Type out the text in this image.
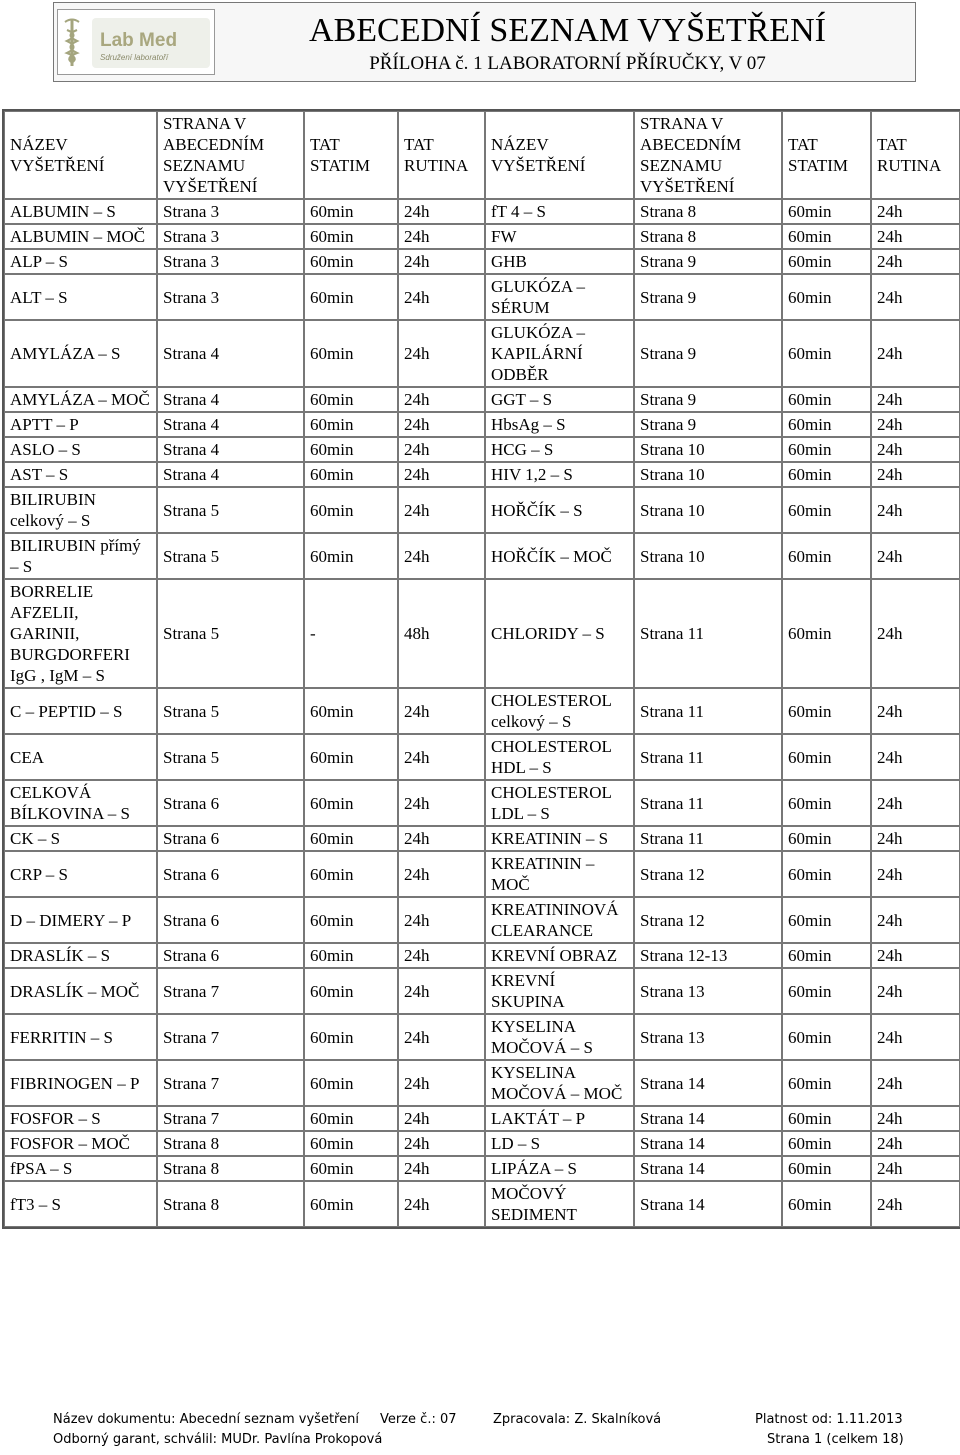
Lab Med
Sdružení laboratoří
ABECEDNÍ SEZNAM VYŠETŘENÍ
PŘÍLOHA č. 1 LABORATORNÍ PŘÍRUČKY, V 07
NÁZEV VYŠETŘENÍ	STRANA V ABECEDNÍM SEZNAMU VYŠETŘENÍ	TAT STATIM	TAT RUTINA	NÁZEV VYŠETŘENÍ	STRANA V ABECEDNÍM SEZNAMU VYŠETŘENÍ	TAT STATIM	TAT RUTINA
ALBUMIN – S	Strana 3	60min	24h	fT 4 – S	Strana 8	60min	24h
ALBUMIN – MOČ	Strana 3	60min	24h	FW	Strana 8	60min	24h
ALP – S	Strana 3	60min	24h	GHB	Strana 9	60min	24h
ALT – S	Strana 3	60min	24h	GLUKÓZA – SÉRUM	Strana 9	60min	24h
AMYLÁZA – S	Strana 4	60min	24h	GLUKÓZA – KAPILÁRNÍ ODBĚR	Strana 9	60min	24h
AMYLÁZA – MOČ	Strana 4	60min	24h	GGT – S	Strana 9	60min	24h
APTT – P	Strana 4	60min	24h	HbsAg – S	Strana 9	60min	24h
ASLO – S	Strana 4	60min	24h	HCG – S	Strana 10	60min	24h
AST – S	Strana 4	60min	24h	HIV 1,2 – S	Strana 10	60min	24h
BILIRUBIN celkový – S	Strana 5	60min	24h	HOŘČÍK – S	Strana 10	60min	24h
BILIRUBIN přímý – S	Strana 5	60min	24h	HOŘČÍK – MOČ	Strana 10	60min	24h
BORRELIE AFZELII, GARINII, BURGDORFERI IgG , IgM – S	Strana 5	-	48h	CHLORIDY – S	Strana 11	60min	24h
C – PEPTID – S	Strana 5	60min	24h	CHOLESTEROL celkový – S	Strana 11	60min	24h
CEA	Strana 5	60min	24h	CHOLESTEROL HDL – S	Strana 11	60min	24h
CELKOVÁ BÍLKOVINA – S	Strana 6	60min	24h	CHOLESTEROL LDL – S	Strana 11	60min	24h
CK – S	Strana 6	60min	24h	KREATININ – S	Strana 11	60min	24h
CRP – S	Strana 6	60min	24h	KREATININ – MOČ	Strana 12	60min	24h
D – DIMERY – P	Strana 6	60min	24h	KREATININOVÁ CLEARANCE	Strana 12	60min	24h
DRASLÍK – S	Strana 6	60min	24h	KREVNÍ OBRAZ	Strana 12-13	60min	24h
DRASLÍK – MOČ	Strana 7	60min	24h	KREVNÍ SKUPINA	Strana 13	60min	24h
FERRITIN – S	Strana 7	60min	24h	KYSELINA MOČOVÁ – S	Strana 13	60min	24h
FIBRINOGEN – P	Strana 7	60min	24h	KYSELINA MOČOVÁ – MOČ	Strana 14	60min	24h
FOSFOR – S	Strana 7	60min	24h	LAKTÁT – P	Strana 14	60min	24h
FOSFOR – MOČ	Strana 8	60min	24h	LD – S	Strana 14	60min	24h
fPSA – S	Strana 8	60min	24h	LIPÁZA – S	Strana 14	60min	24h
fT3 – S	Strana 8	60min	24h	MOČOVÝ SEDIMENT	Strana 14	60min	24h
Název dokumentu: Abecední seznam vyšetření Verze č.: 07	Zpracovala: Z. Skalníková	Platnost od: 1.11.2013
Odborný garant, schválil: MUDr. Pavlína Prokopová	Strana 1 (celkem 18)
